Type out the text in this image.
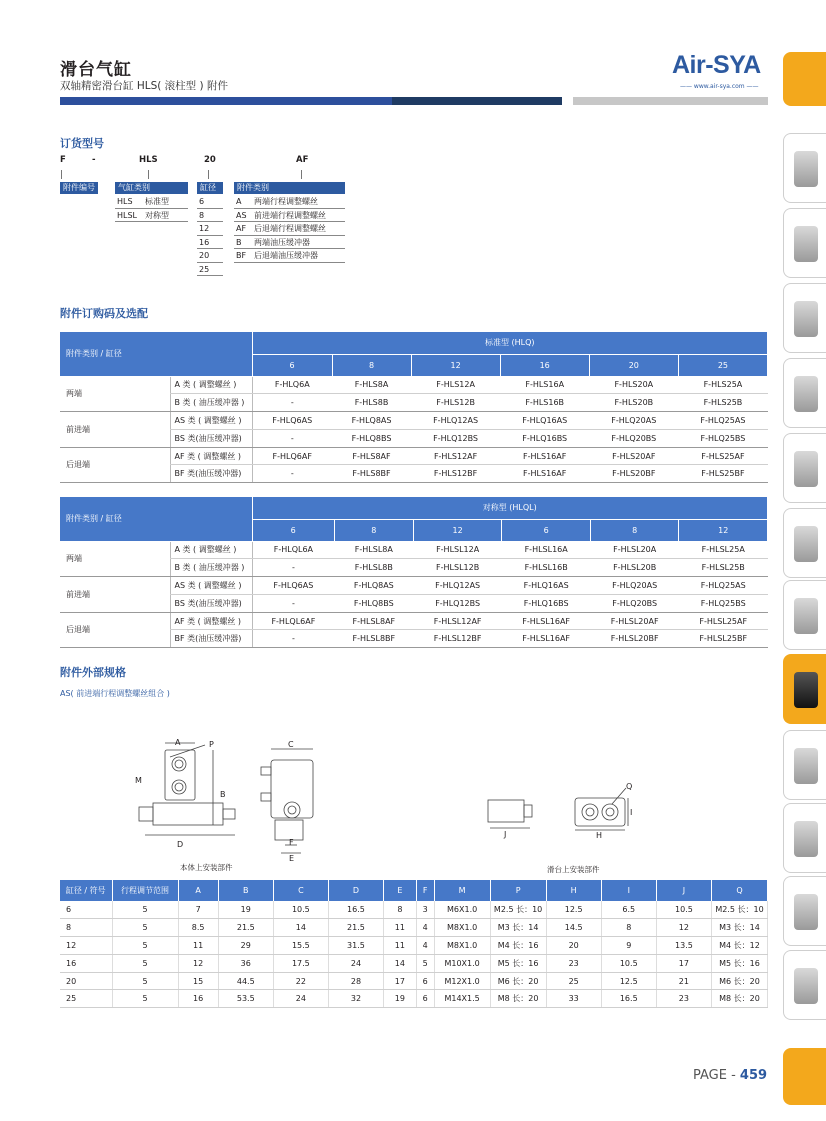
滑台气缸
双轴精密滑台缸 HLS( 滚柱型 ) 附件
Air-SYA
—— www.air-sya.com ——
订货型号
F	-	HLS	20	AF
附件编号	气缸类别	缸径	附件类别
HLS 标准型
HLSL 对称型
6
8
12
16
20
25
A 两端行程调整螺丝
AS 前进端行程调整螺丝
AF 后退端行程调整螺丝
B 两端油压缓冲器
BF 后退端油压缓冲器
附件订购码及选配
附件类别 / 缸径		标准型 (HLQ)					
		6	8	12	16	20	25
两端	A 类 ( 调整螺丝 )	F-HLQ6A	F-HLS8A	F-HLS12A	F-HLS16A	F-HLS20A	F-HLS25A
	B 类 ( 油压缓冲器 )	-	F-HLS8B	F-HLS12B	F-HLS16B	F-HLS20B	F-HLS25B
前进端	AS 类 ( 调整螺丝 )	F-HLQ6AS	F-HLQ8AS	F-HLQ12AS	F-HLQ16AS	F-HLQ20AS	F-HLQ25AS
	BS 类(油压缓冲器)	-	F-HLQ8BS	F-HLQ12BS	F-HLQ16BS	F-HLQ20BS	F-HLQ25BS
后退端	AF 类 ( 调整螺丝 )	F-HLQ6AF	F-HLS8AF	F-HLS12AF	F-HLS16AF	F-HLS20AF	F-HLS25AF
	BF 类(油压缓冲器)	-	F-HLS8BF	F-HLS12BF	F-HLS16AF	F-HLS20BF	F-HLS25BF
附件类别 / 缸径		对称型 (HLQL)					
		6	8	12	6	8	12
两端	A 类 ( 调整螺丝 )	F-HLQL6A	F-HLSL8A	F-HLSL12A	F-HLSL16A	F-HLSL20A	F-HLSL25A
	B 类 ( 油压缓冲器 )	-	F-HLSL8B	F-HLSL12B	F-HLSL16B	F-HLSL20B	F-HLSL25B
前进端	AS 类 ( 调整螺丝 )	F-HLQ6AS	F-HLQ8AS	F-HLQ12AS	F-HLQ16AS	F-HLQ20AS	F-HLQ25AS
	BS 类(油压缓冲器)	-	F-HLQ8BS	F-HLQ12BS	F-HLQ16BS	F-HLQ20BS	F-HLQ25BS
后退端	AF 类 ( 调整螺丝 )	F-HLQL6AF	F-HLSL8AF	F-HLSL12AF	F-HLSL16AF	F-HLSL20AF	F-HLSL25AF
	BF 类(油压缓冲器)	-	F-HLSL8BF	F-HLSL12BF	F-HLSL16AF	F-HLSL20BF	F-HLSL25BF
附件外部规格
AS( 前进端行程调整螺丝组合 )
A	P
M
B
D	F
E
C
本体上安装部件
J	H
I
Q
滑台上安装部件
缸径 / 符号	行程调节范围	A	B	C	D	E	F	M	P	H	I	J	Q
6	5	7	19	10.5	16.5	8	3	M6X1.0	M2.5 长：10	12.5	6.5	10.5	M2.5 长：10
8	5	8.5	21.5	14	21.5	11	4	M8X1.0	M3 长：14	14.5	8	12	M3 长：14
12	5	11	29	15.5	31.5	11	4	M8X1.0	M4 长：16	20	9	13.5	M4 长：12
16	5	12	36	17.5	24	14	5	M10X1.0	M5 长：16	23	10.5	17	M5 长：16
20	5	15	44.5	22	28	17	6	M12X1.0	M6 长：20	25	12.5	21	M6 长：20
25	5	16	53.5	24	32	19	6	M14X1.5	M8 长：20	33	16.5	23	M8 长：20
PAGE - 459
